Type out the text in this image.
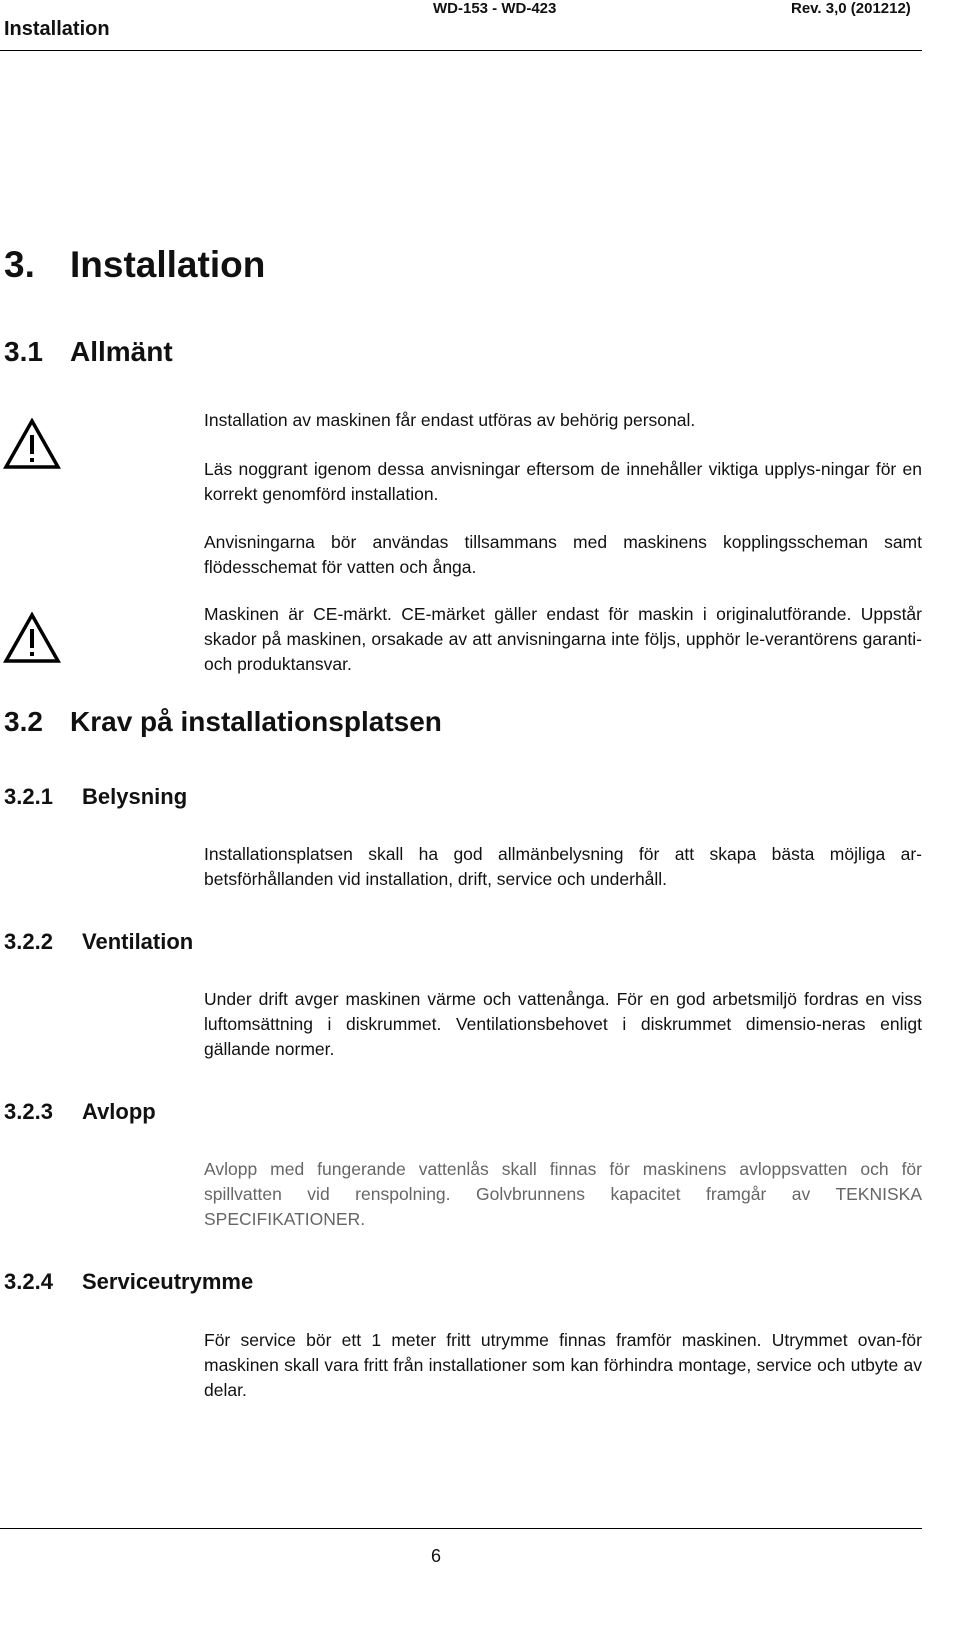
Installation
WD-153 - WD-423	Rev. 3,0 (201212)
3. Installation
3.1 Allmänt
Installation av maskinen får endast utföras av behörig personal.
Läs noggrant igenom dessa anvisningar eftersom de innehåller viktiga upplys-ningar för en korrekt genomförd installation.
Anvisningarna bör användas tillsammans med maskinens kopplingsscheman samt flödesschemat för vatten och ånga.
Maskinen är CE-märkt. CE-märket gäller endast för maskin i originalutförande. Uppstår skador på maskinen, orsakade av att anvisningarna inte följs, upphör le-verantörens garanti- och produktansvar.
3.2 Krav på installationsplatsen
3.2.1 Belysning
Installationsplatsen skall ha god allmänbelysning för att skapa bästa möjliga ar-betsförhållanden vid installation, drift, service och underhåll.
3.2.2 Ventilation
Under drift avger maskinen värme och vattenånga. För en god arbetsmiljö fordras en viss luftomsättning i diskrummet. Ventilationsbehovet i diskrummet dimensio-neras enligt gällande normer.
3.2.3 Avlopp
Avlopp med fungerande vattenlås skall finnas för maskinens avloppsvatten och för spillvatten vid renspolning. Golvbrunnens kapacitet framgår av TEKNISKA SPECIFIKATIONER.
3.2.4 Serviceutrymme
För service bör ett 1 meter fritt utrymme finnas framför maskinen. Utrymmet ovan-för maskinen skall vara fritt från installationer som kan förhindra montage, service och utbyte av delar.
6
